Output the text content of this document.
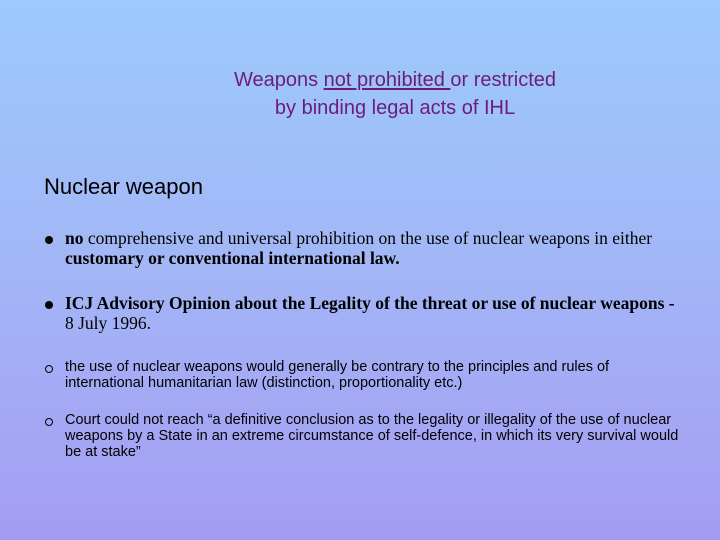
Weapons not prohibited or restricted
by binding legal acts of IHL
Nuclear weapon
no comprehensive and universal prohibition on the use of nuclear weapons in either customary or conventional international law.
ICJ Advisory Opinion about the Legality of the threat or use of nuclear weapons - 8 July 1996.
the use of nuclear weapons would generally be contrary to the principles and rules of international humanitarian law (distinction, proportionality etc.)
Court could not reach “a definitive conclusion as to the legality or illegality of the use of nuclear weapons by a State in an extreme circumstance of self-defence, in which its very survival would be at stake”
